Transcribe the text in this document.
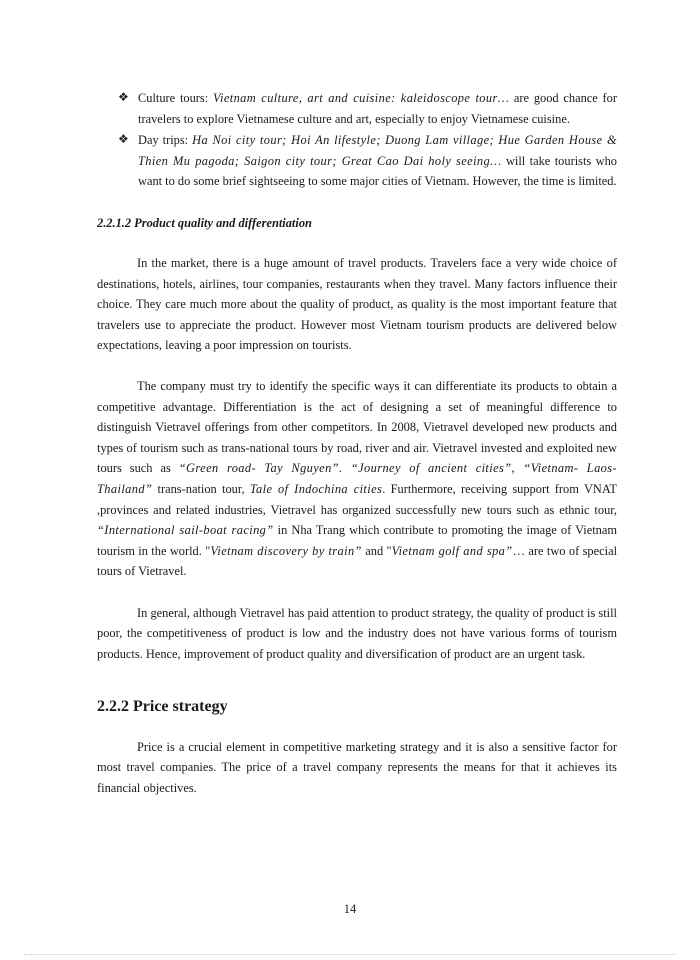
❖ Culture tours: Vietnam culture, art and cuisine: kaleidoscope tour… are good chance for travelers to explore Vietnamese culture and art, especially to enjoy Vietnamese cuisine.

❖ Day trips: Ha Noi city tour; Hoi An lifestyle; Duong Lam village; Hue Garden House & Thien Mu pagoda; Saigon city tour; Great Cao Dai holy seeing… will take tourists who want to do some brief sightseeing to some major cities of Vietnam. However, the time is limited.

2.2.1.2 Product quality and differentiation

In the market, there is a huge amount of travel products. Travelers face a very wide choice of destinations, hotels, airlines, tour companies, restaurants when they travel. Many factors influence their choice. They care much more about the quality of product, as quality is the most important feature that travelers use to appreciate the product. However most Vietnam tourism products are delivered below expectations, leaving a poor impression on tourists.

The company must try to identify the specific ways it can differentiate its products to obtain a competitive advantage. Differentiation is the act of designing a set of meaningful difference to distinguish Vietravel offerings from other competitors. In 2008, Vietravel developed new products and types of tourism such as trans-national tours by road, river and air. Vietravel invested and exploited new tours such as “Green road- Tay Nguyen”. “Journey of ancient cities”, “Vietnam- Laos- Thailand” trans-nation tour, Tale of Indochina cities. Furthermore, receiving support from VNAT ,provinces and related industries, Vietravel has organized successfully new tours such as ethnic tour, “International sail-boat racing” in Nha Trang which contribute to promoting the image of Vietnam tourism in the world. "Vietnam discovery by train” and "Vietnam golf and spa”… are two of special tours of Vietravel.

In general, although Vietravel has paid attention to product strategy, the quality of product is still poor, the competitiveness of product is low and the industry does not have various forms of tourism products. Hence, improvement of product quality and diversification of product are an urgent task.

2.2.2 Price strategy

Price is a crucial element in competitive marketing strategy and it is also a sensitive factor for most travel companies. The price of a travel company represents the means for that it achieves its financial objectives.

14
